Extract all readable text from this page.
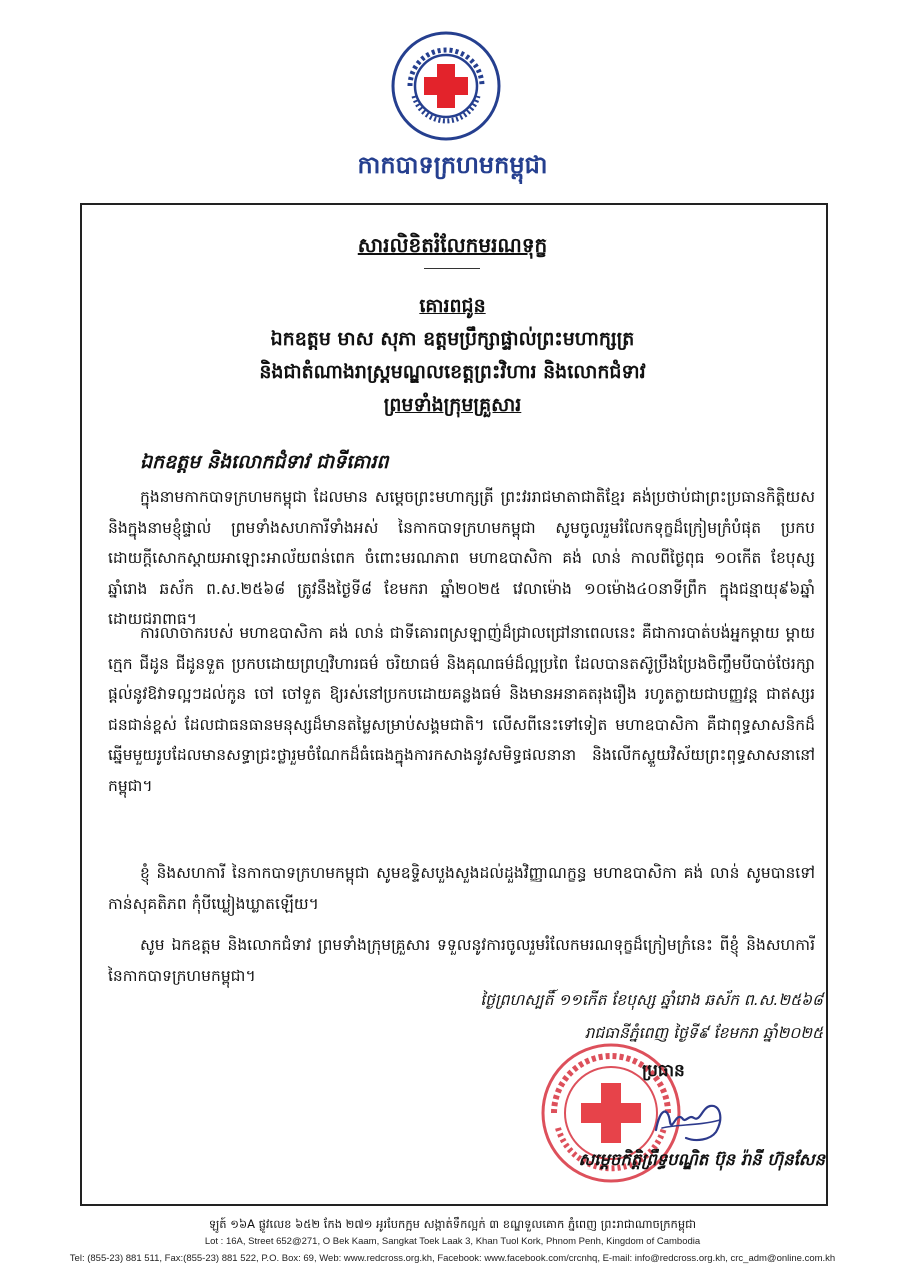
កាកបាទក្រហមកម្ពុជា
សារលិខិតរំលែកមរណទុក្ខ
គោរពជូន
ឯកឧត្តម មាស សុភា ឧត្តមប្រឹក្សាផ្ទាល់ព្រះមហាក្សត្រ
និងជាតំណាងរាស្ត្រមណ្ឌលខេត្តព្រះវិហារ និងលោកជំទាវ
ព្រមទាំងក្រុមគ្រួសារ
ឯកឧត្តម និងលោកជំទាវ ជាទីគោរព
ក្នុងនាមកាកបាទក្រហមកម្ពុជា ដែលមាន សម្តេចព្រះមហាក្សត្រី ព្រះវររាជមាតាជាតិខ្មែរ គង់ប្រថាប់ជាព្រះប្រធានកិត្តិយស និងក្នុងនាមខ្ញុំផ្ទាល់ ព្រមទាំងសហការីទាំងអស់ នៃកាកបាទក្រហមកម្ពុជា សូមចូលរួមរំលែកទុក្ខដ៏ក្រៀមក្រំបំផុត ប្រកបដោយក្តីសោកស្តាយអាឡោះអាល័យពន់ពេក ចំពោះមរណភាព មហាឧបាសិកា គង់ លាន់ កាលពីថ្ងៃពុធ ១០កើត ខែបុស្ស ឆ្នាំរោង ឆស័ក ព.ស.២៥៦៨ ត្រូវនឹងថ្ងៃទី៨ ខែមករា ឆ្នាំ២០២៥ វេលាម៉ោង ១០ម៉ោង៤០នាទីព្រឹក ក្នុងជន្មាយុ៩៦ឆ្នាំ ដោយជរាពាធ។
ការលាចាករបស់ មហាឧបាសិកា គង់ លាន់ ជាទីគោរពស្រឡាញ់ដ៏ជ្រាលជ្រៅនាពេលនេះ គឺជាការបាត់បង់អ្នកម្តាយ ម្តាយក្មេក ជីដូន ជីដូនទួត ប្រកបដោយព្រហ្មវិហារធម៌ ចរិយាធម៌ និងគុណធម៌ដ៏ល្អប្រពៃ ដែលបានតស៊ូប្រឹងប្រែងចិញ្ចឹមបីបាច់ថែរក្សា ផ្តល់នូវឱវាទល្អៗដល់កូន ចៅ ចៅទួត ឱ្យរស់នៅប្រកបដោយគន្លងធម៌ និងមានអនាគតរុងរឿង រហូតក្លាយជាបញ្ញវន្ត ជាឥស្សរជនជាន់ខ្ពស់ ដែលជាធនធានមនុស្សដ៏មានតម្លៃសម្រាប់សង្គមជាតិ។ លើសពីនេះទៅទៀត មហាឧបាសិកា គឺជាពុទ្ធសាសនិកដ៏ឆ្នើមមួយរូបដែលមានសទ្ធាជ្រះថ្លារួមចំណែកដ៏ធំធេងក្នុងការកសាងនូវសមិទ្ធផលនានា និងលើកស្ទួយវិស័យព្រះពុទ្ធសាសនានៅកម្ពុជា។
ខ្ញុំ និងសហការី នៃកាកបាទក្រហមកម្ពុជា សូមឧទ្ទិសបួងសួងដល់ដួងវិញ្ញាណក្ខន្ធ មហាឧបាសិកា គង់ លាន់ សូមបានទៅកាន់សុគតិភព កុំបីឃ្លៀងឃ្លាតឡើយ។
សូម ឯកឧត្តម និងលោកជំទាវ ព្រមទាំងក្រុមគ្រួសារ ទទួលនូវការចូលរួមរំលែកមរណទុក្ខដ៏ក្រៀមក្រំនេះ ពីខ្ញុំ និងសហការី នៃកាកបាទក្រហមកម្ពុជា។
ថ្ងៃព្រហស្បតិ៍ ១១កើត ខែបុស្ស ឆ្នាំរោង ឆស័ក ព.ស.២៥៦៨
រាជធានីភ្នំពេញ ថ្ងៃទី៩ ខែមករា ឆ្នាំ២០២៥
ប្រធាន
សម្តេចកិត្តិព្រឹទ្ធបណ្ឌិត ប៊ុន រ៉ានី ហ៊ុនសែន
ឡូត៍ ១៦A ផ្លូវលេខ ៦៥២ កែង ២៧១ អូរបែកក្អម សង្កាត់ទឹកល្អក់ ៣ ខណ្ឌទួលគោក ភ្នំពេញ ព្រះរាជាណាចក្រកម្ពុជា
Lot : 16A, Street 652@271, O Bek Kaam, Sangkat Toek Laak 3, Khan Tuol Kork, Phnom Penh, Kingdom of Cambodia
Tel: (855-23) 881 511, Fax:(855-23) 881 522, P.O. Box: 69, Web: www.redcross.org.kh, Facebook: www.facebook.com/crcnhq, E-mail: info@redcross.org.kh, crc_adm@online.com.kh
